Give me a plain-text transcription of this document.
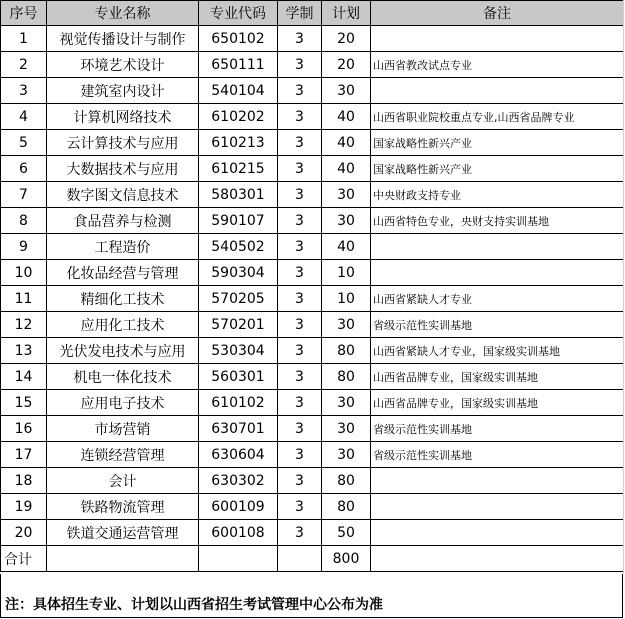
序号	专业名称	专业代码	学制	计划	备注
1	视觉传播设计与制作	650102	3	20	
2	环境艺术设计	650111	3	20	山西省教改试点专业
3	建筑室内设计	540104	3	30	
4	计算机网络技术	610202	3	40	山西省职业院校重点专业,山西省品牌专业
5	云计算技术与应用	610213	3	40	国家战略性新兴产业
6	大数据技术与应用	610215	3	40	国家战略性新兴产业
7	数字图文信息技术	580301	3	30	中央财政支持专业
8	食品营养与检测	590107	3	30	山西省特色专业，央财支持实训基地
9	工程造价	540502	3	40	
10	化妆品经营与管理	590304	3	10	
11	精细化工技术	570205	3	10	山西省紧缺人才专业
12	应用化工技术	570201	3	30	省级示范性实训基地
13	光伏发电技术与应用	530304	3	80	山西省紧缺人才专业，国家级实训基地
14	机电一体化技术	560301	3	80	山西省品牌专业，国家级实训基地
15	应用电子技术	610102	3	30	山西省品牌专业，国家级实训基地
16	市场营销	630701	3	30	省级示范性实训基地
17	连锁经营管理	630604	3	30	省级示范性实训基地
18	会计	630302	3	80	
19	铁路物流管理	600109	3	80	
20	铁道交通运营管理	600108	3	50	
合计				800	
注：具体招生专业、计划以山西省招生考试管理中心公布为准
